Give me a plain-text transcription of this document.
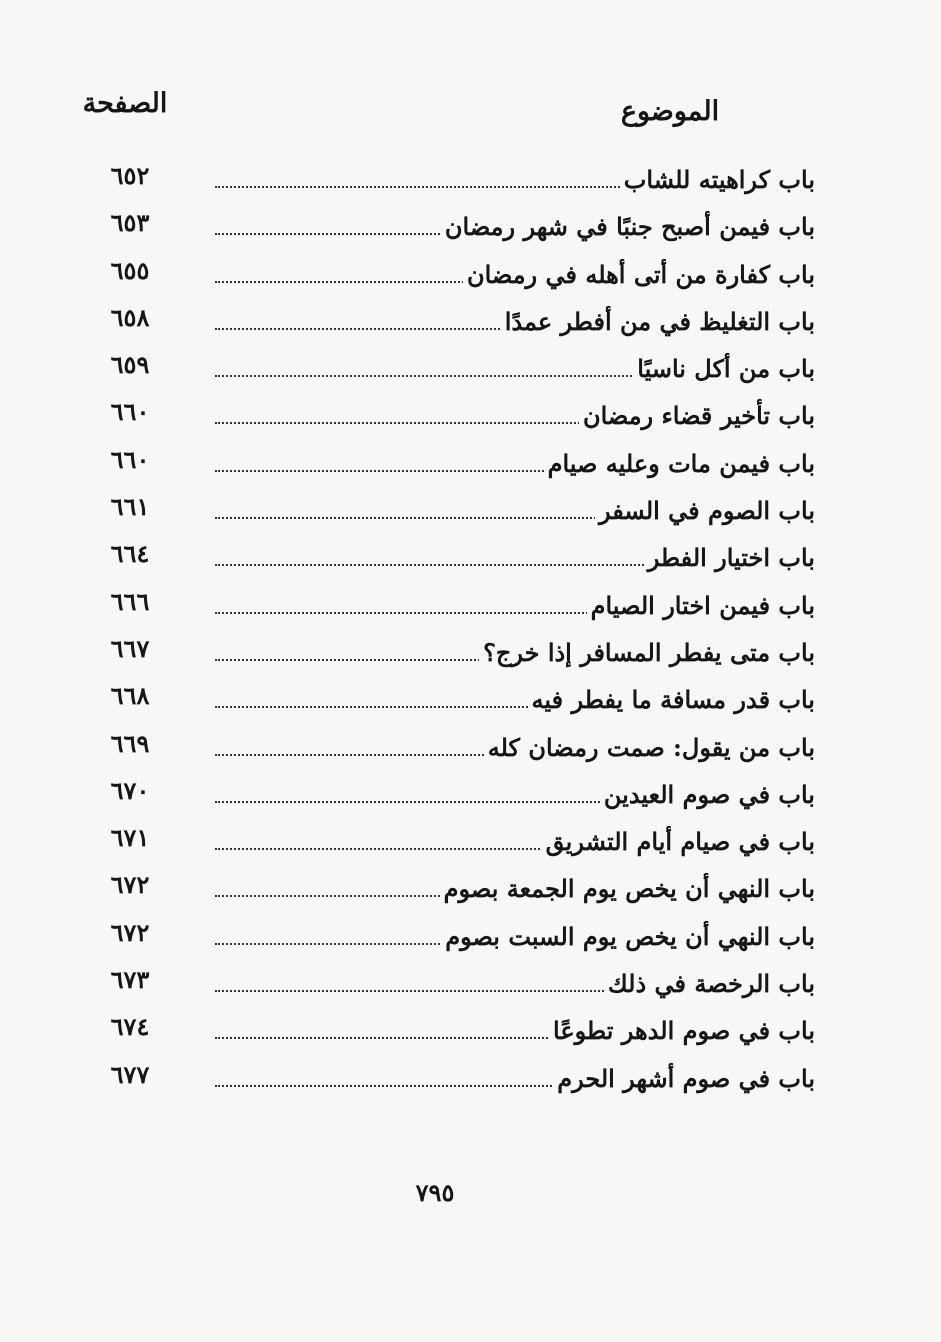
الموضوع
الصفحة
باب كراهيته للشاب
٦٥٢
باب فيمن أصبح جنبًا في شهر رمضان
٦٥٣
باب كفارة من أتى أهله في رمضان
٦٥٥
باب التغليظ في من أفطر عمدًا
٦٥٨
باب من أكل ناسيًا
٦٥٩
باب تأخير قضاء رمضان
٦٦٠
باب فيمن مات وعليه صيام
٦٦٠
باب الصوم في السفر
٦٦١
باب اختيار الفطر
٦٦٤
باب فيمن اختار الصيام
٦٦٦
باب متى يفطر المسافر إذا خرج؟
٦٦٧
باب قدر مسافة ما يفطر فيه
٦٦٨
باب من يقول: صمت رمضان كله
٦٦٩
باب في صوم العيدين
٦٧٠
باب في صيام أيام التشريق
٦٧١
باب النهي أن يخص يوم الجمعة بصوم
٦٧٢
باب النهي أن يخص يوم السبت بصوم
٦٧٢
باب الرخصة في ذلك
٦٧٣
باب في صوم الدهر تطوعًا
٦٧٤
باب في صوم أشهر الحرم
٦٧٧
٧٩٥
